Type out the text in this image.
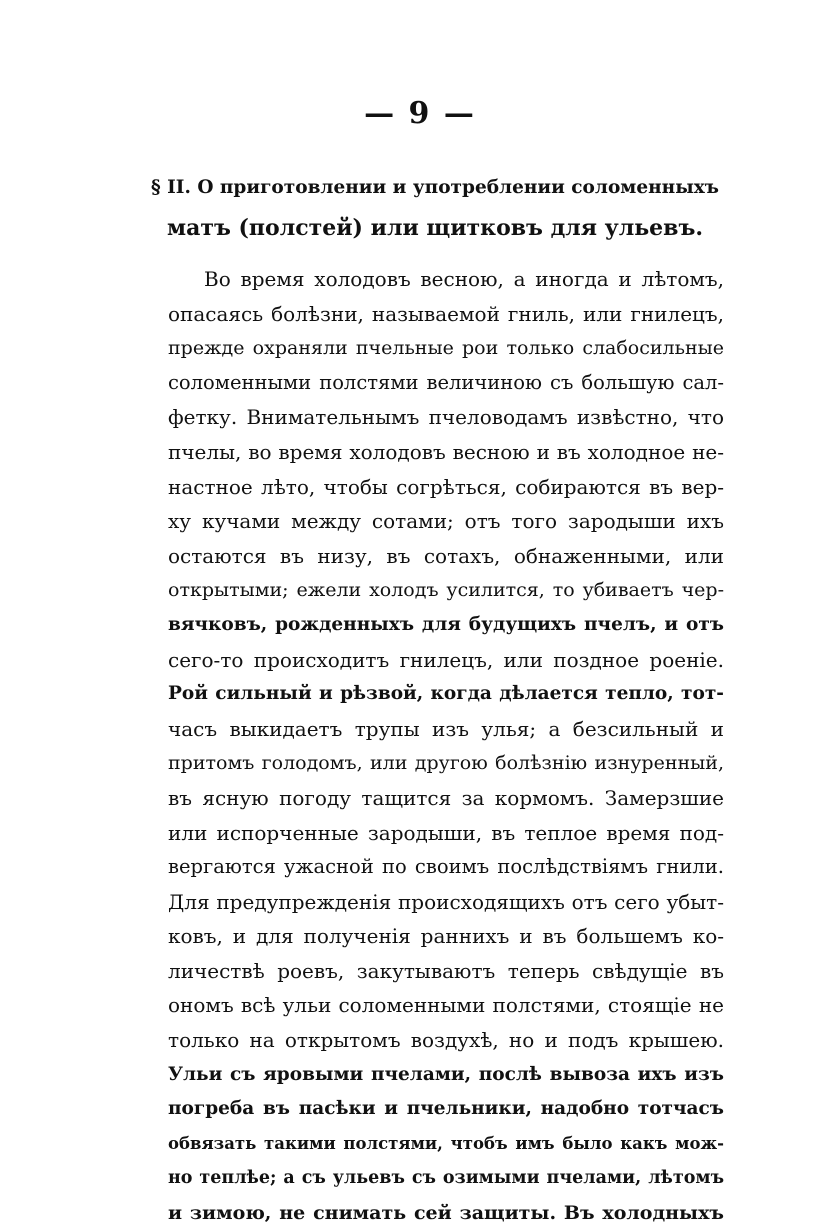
— 9 —
§ II. О приготовлении и употреблении соломенныхъ
матъ (полстей) или щитковъ для ульевъ.
Во время холодовъ весною, а иногда и лѣтомъ,
опасаясь болѣзни, называемой гниль, или гнилецъ,
прежде охраняли пчельные рои только слабосильные
соломенными полстями величиною съ большую сал-
фетку. Внимательнымъ пчеловодамъ извѣстно, что
пчелы, во время холодовъ весною и въ холодное не-
настное лѣто, чтобы согрѣться, собираются въ вер-
ху кучами между сотами; отъ того зародыши ихъ
остаются въ низу, въ сотахъ, обнаженными, или
открытыми; ежели холодъ усилится, то убиваетъ чер-
вячковъ, рожденныхъ для будущихъ пчелъ, и отъ
сего-то происходитъ гнилецъ, или позднoе роеніе.
Рой сильный и рѣзвой, когда дѣлается тепло, тот-
часъ выкидаетъ трупы изъ улья; а безсильный и
притомъ голодомъ, или другою болѣзнію изнуренный,
въ ясную погоду тащится за кормомъ. Замерзшие
или испорченные зародыши, въ теплое время под-
вергаются ужасной по своимъ послѣдствіямъ гнили.
Для предупрежденія происходящихъ отъ сего убыт-
ковъ, и для полученія раннихъ и въ большемъ ко-
личествѣ роевъ, закутываютъ теперь свѣдущіе въ
ономъ всѣ ульи соломенными полстями, стоящіе не
только на открытомъ воздухѣ, но и подъ крышею.
Ульи съ яровыми пчелами, послѣ вывоза ихъ изъ
погреба въ пасѣки и пчельники, надобно тотчасъ
обвязать такими полстями, чтобъ имъ было какъ мож-
но теплѣе; а съ ульевъ съ озимыми пчелами, лѣтомъ
и зимою, не снимать сей защиты. Въ холодныхъ
